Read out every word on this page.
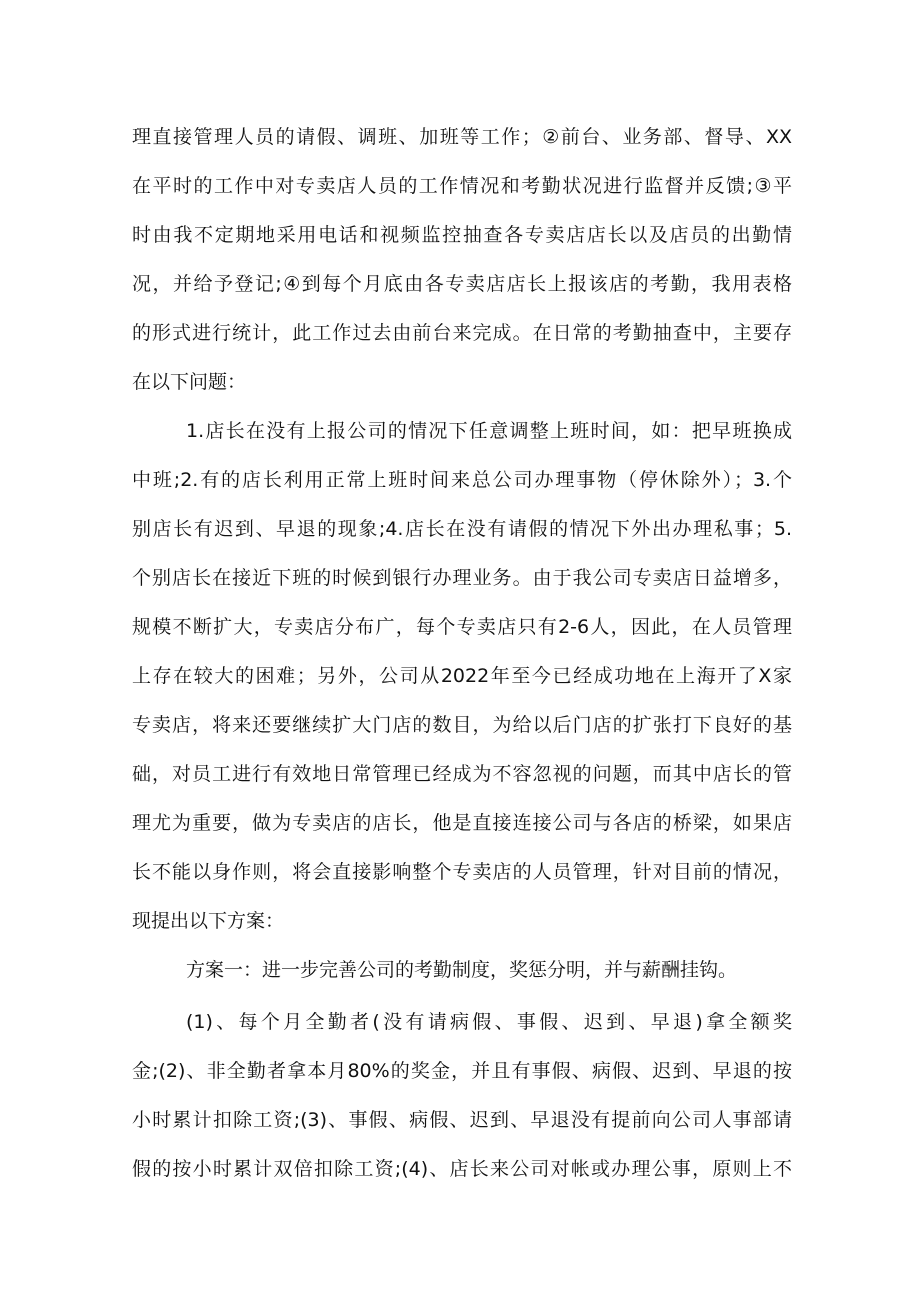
理直接管理人员的请假、调班、加班等工作；②前台、业务部、督导、XX
在平时的工作中对专卖店人员的工作情况和考勤状况进行监督并反馈;③平
时由我不定期地采用电话和视频监控抽查各专卖店店长以及店员的出勤情
况，并给予登记;④到每个月底由各专卖店店长上报该店的考勤，我用表格
的形式进行统计，此工作过去由前台来完成。在日常的考勤抽查中，主要存
在以下问题：
1.店长在没有上报公司的情况下任意调整上班时间，如：把早班换成
中班;2.有的店长利用正常上班时间来总公司办理事物（停休除外）；3.个
别店长有迟到、早退的现象;4.店长在没有请假的情况下外出办理私事；5.
个别店长在接近下班的时候到银行办理业务。由于我公司专卖店日益增多，
规模不断扩大，专卖店分布广，每个专卖店只有2-6人，因此，在人员管理
上存在较大的困难；另外，公司从2022年至今已经成功地在上海开了X家
专卖店，将来还要继续扩大门店的数目，为给以后门店的扩张打下良好的基
础，对员工进行有效地日常管理已经成为不容忽视的问题，而其中店长的管
理尤为重要，做为专卖店的店长，他是直接连接公司与各店的桥梁，如果店
长不能以身作则，将会直接影响整个专卖店的人员管理，针对目前的情况，
现提出以下方案：
方案一：进一步完善公司的考勤制度，奖惩分明，并与薪酬挂钩。
(1)、每个月全勤者(没有请病假、事假、迟到、早退)拿全额奖
金;(2)、非全勤者拿本月80%的奖金，并且有事假、病假、迟到、早退的按
小时累计扣除工资;(3)、事假、病假、迟到、早退没有提前向公司人事部请
假的按小时累计双倍扣除工资;(4)、店长来公司对帐或办理公事，原则上不
